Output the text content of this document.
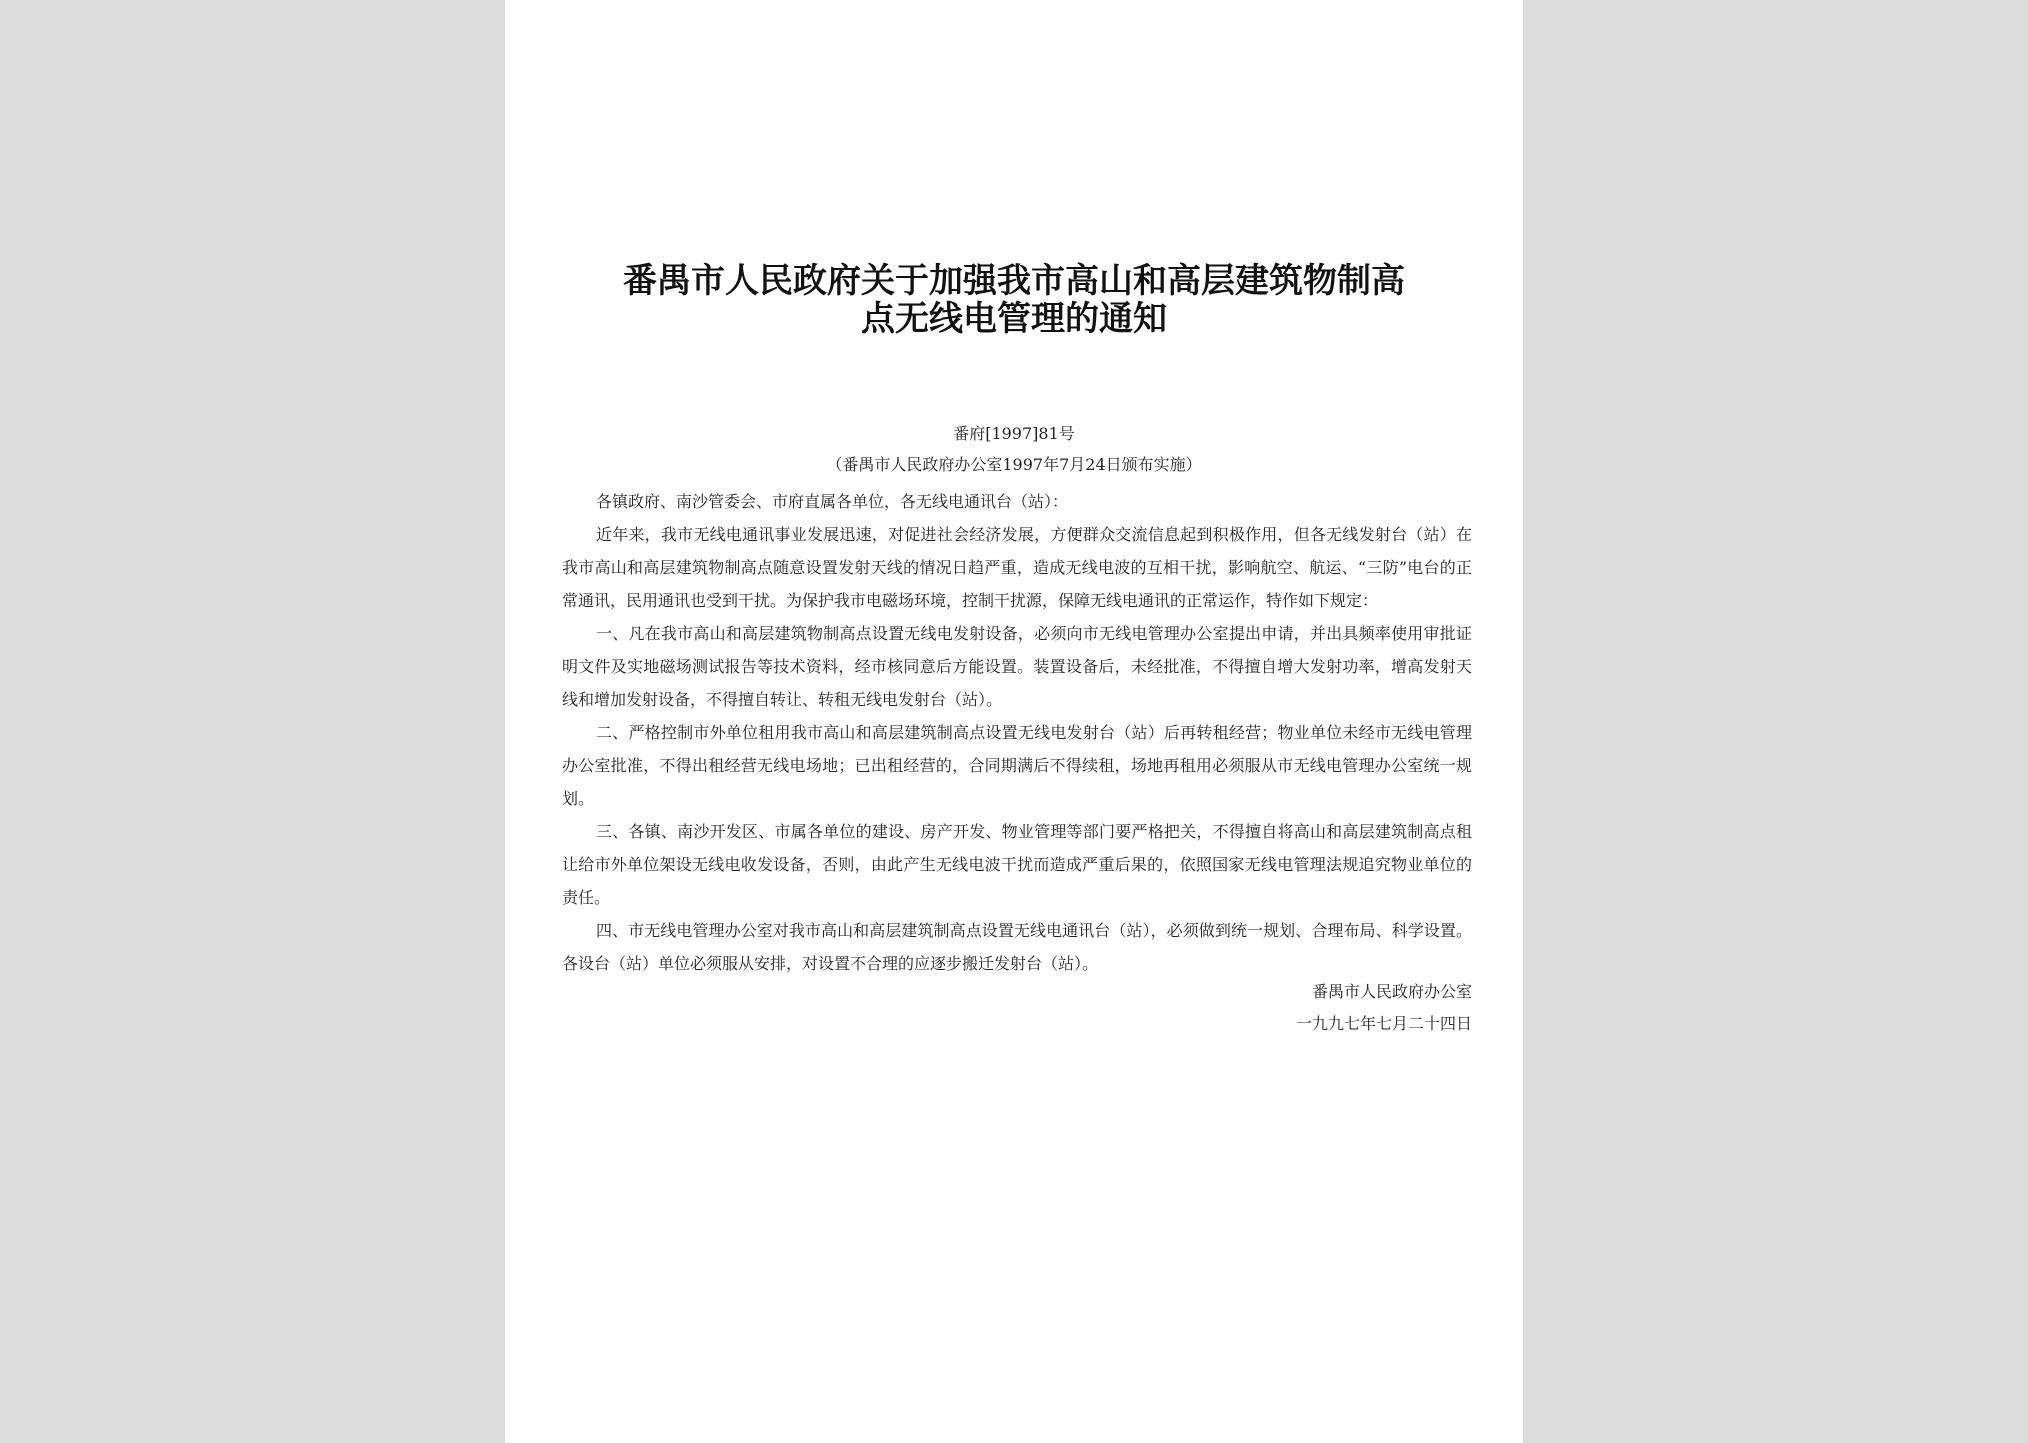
番禺市人民政府关于加强我市高山和高层建筑物制高
点无线电管理的通知
番府[1997]81号
（番禺市人民政府办公室1997年7月24日颁布实施）

各镇政府、南沙管委会、市府直属各单位，各无线电通讯台（站）：

近年来，我市无线电通讯事业发展迅速，对促进社会经济发展，方便群众交流信息起到积极作用，但各无线发射台（站）在我市高山和高层建筑物制高点随意设置发射天线的情况日趋严重，造成无线电波的互相干扰，影响航空、航运、“三防”电台的正常通讯，民用通讯也受到干扰。为保护我市电磁场环境，控制干扰源，保障无线电通讯的正常运作，特作如下规定：

一、凡在我市高山和高层建筑物制高点设置无线电发射设备，必须向市无线电管理办公室提出申请，并出具频率使用审批证明文件及实地磁场测试报告等技术资料，经市核同意后方能设置。装置设备后，未经批准，不得擅自增大发射功率，增高发射天线和增加发射设备，不得擅自转让、转租无线电发射台（站）。

二、严格控制市外单位租用我市高山和高层建筑制高点设置无线电发射台（站）后再转租经营；物业单位未经市无线电管理办公室批准，不得出租经营无线电场地；已出租经营的，合同期满后不得续租，场地再租用必须服从市无线电管理办公室统一规划。

三、各镇、南沙开发区、市属各单位的建设、房产开发、物业管理等部门要严格把关，不得擅自将高山和高层建筑制高点租让给市外单位架设无线电收发设备，否则，由此产生无线电波干扰而造成严重后果的，依照国家无线电管理法规追究物业单位的责任。

四、市无线电管理办公室对我市高山和高层建筑制高点设置无线电通讯台（站），必须做到统一规划、合理布局、科学设置。各设台（站）单位必须服从安排，对设置不合理的应逐步搬迁发射台（站）。

番禺市人民政府办公室
一九九七年七月二十四日
